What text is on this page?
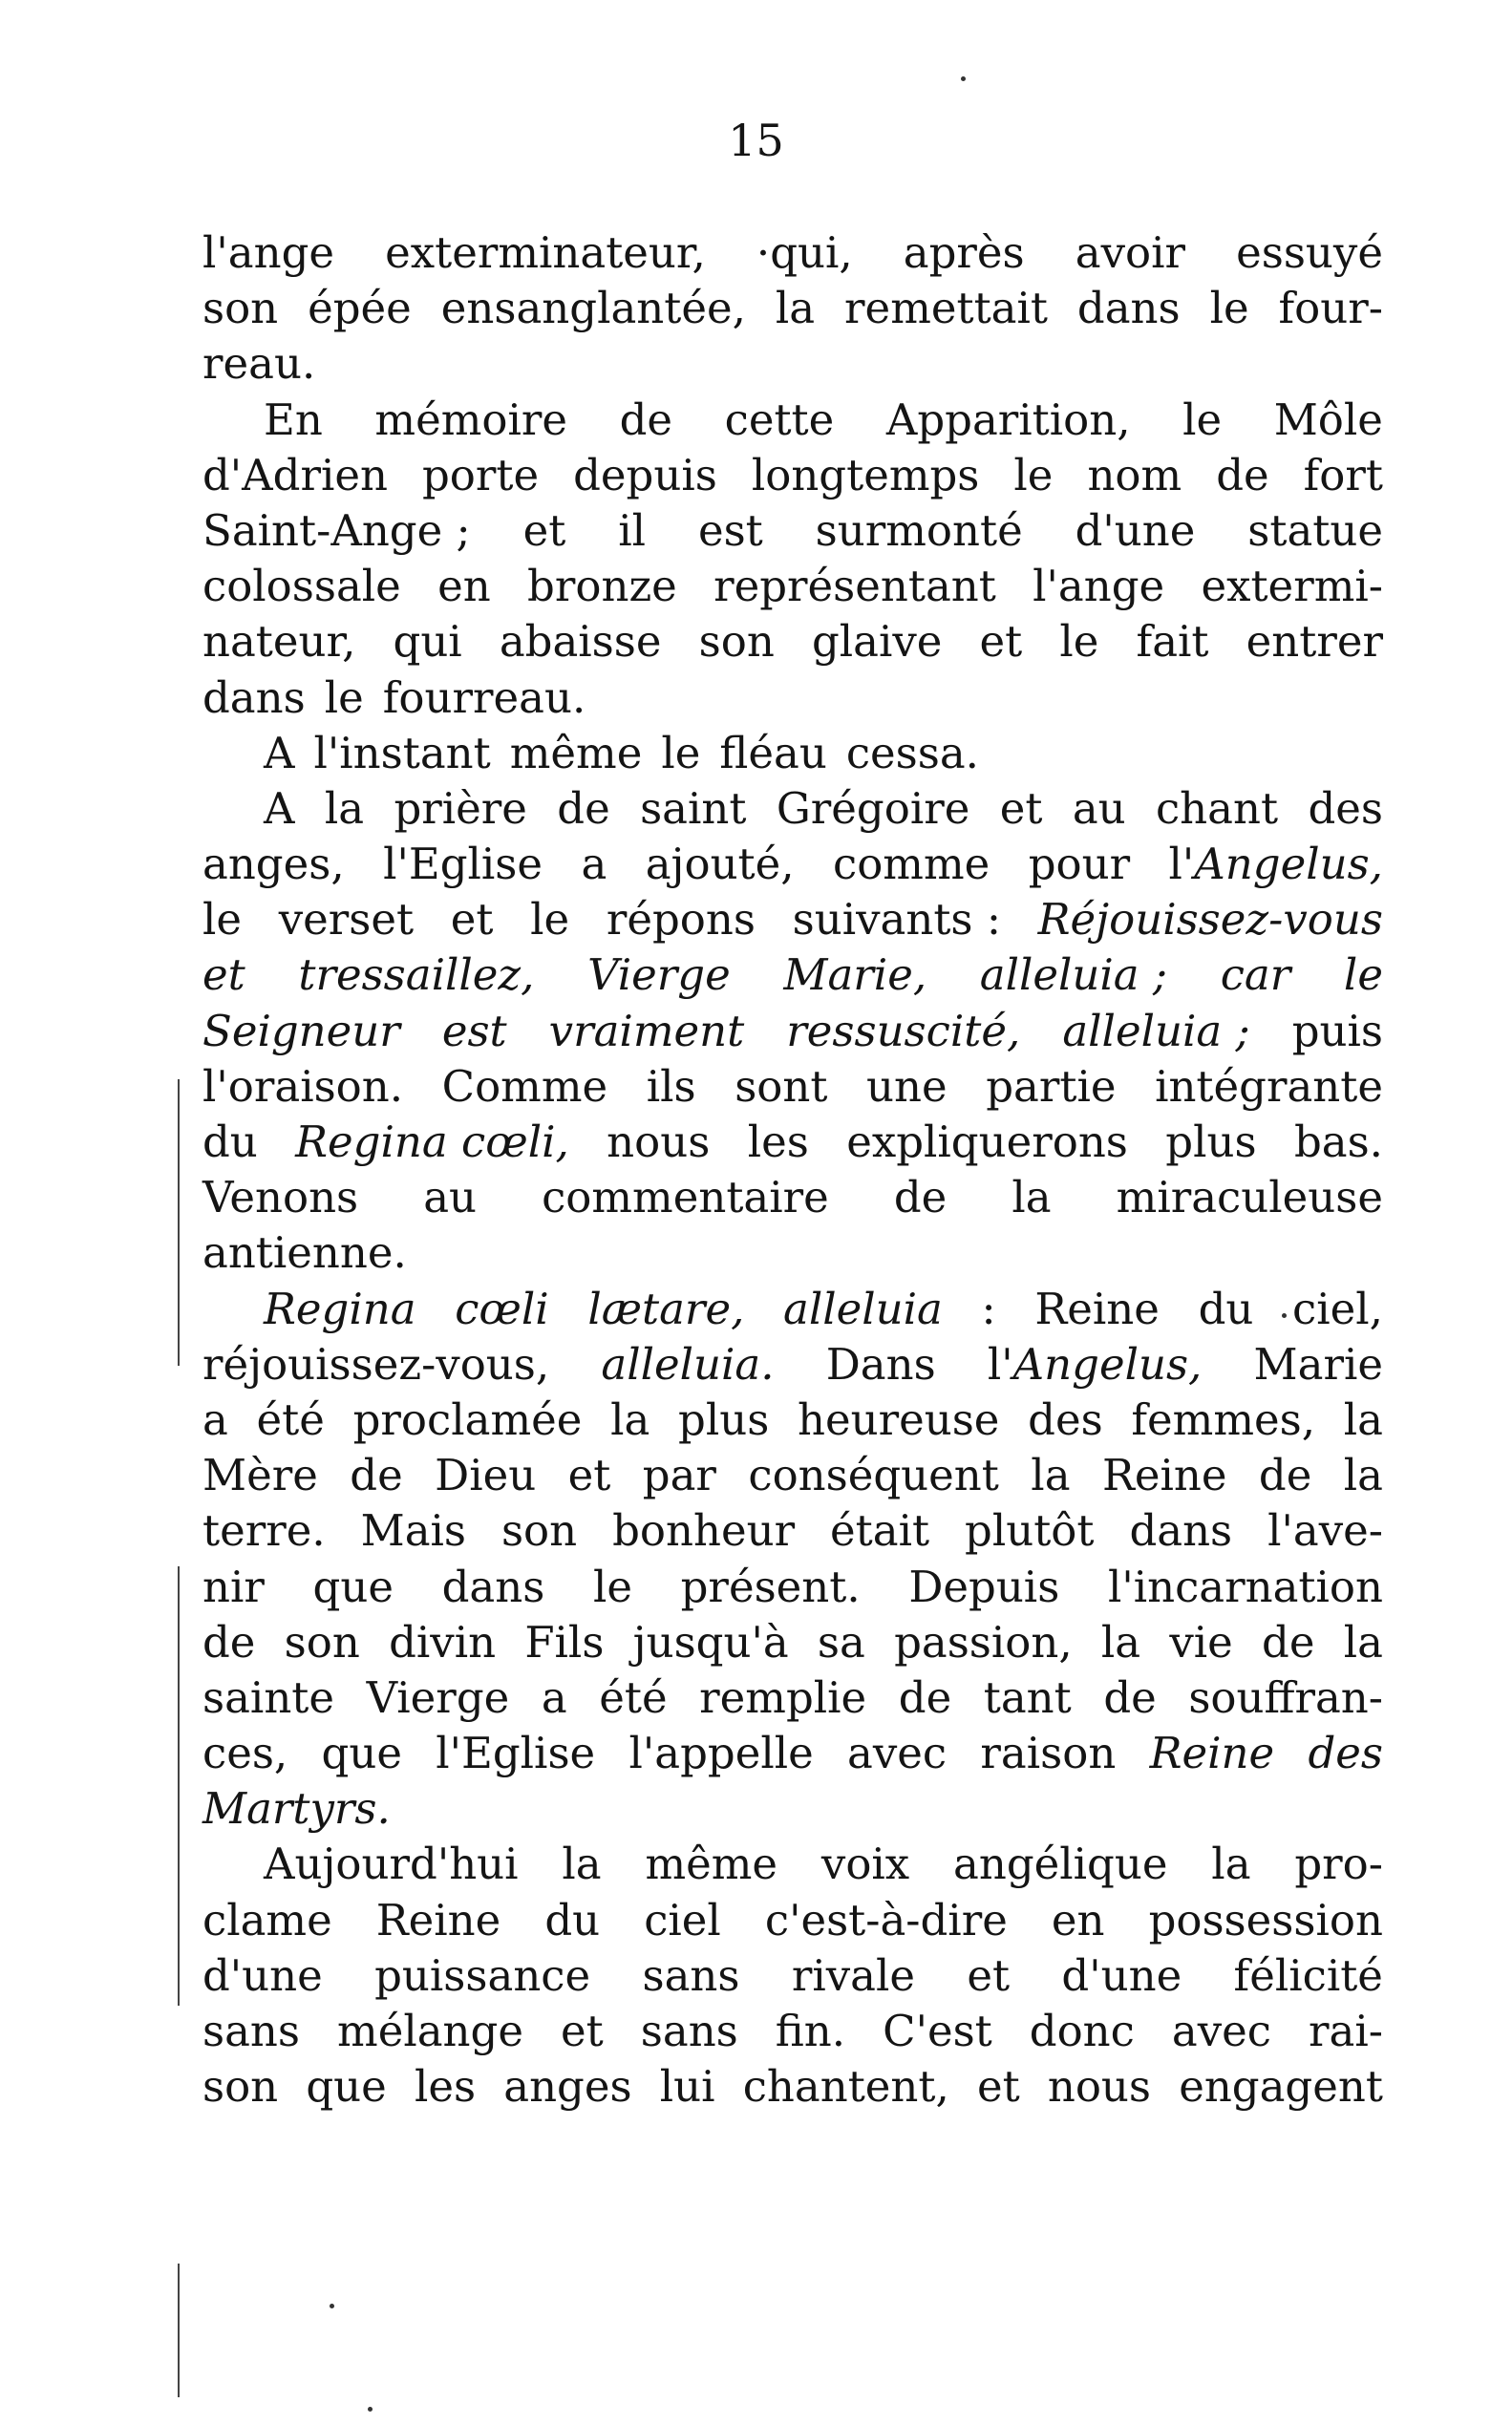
15
l'ange exterminateur, ·qui, après avoir essuyé
son épée ensanglantée, la remettait dans le four-
reau.
En mémoire de cette Apparition, le Môle
d'Adrien porte depuis longtemps le nom de fort
Saint-Ange ; et il est surmonté d'une statue
colossale en bronze représentant l'ange extermi-
nateur, qui abaisse son glaive et le fait entrer
dans le fourreau.
A l'instant même le fléau cessa.
A la prière de saint Grégoire et au chant des
anges, l'Eglise a ajouté, comme pour l'Angelus,
le verset et le répons suivants : Réjouissez-vous
et tressaillez, Vierge Marie, alleluia ; car le
Seigneur est vraiment ressuscité, alleluia ; puis
l'oraison. Comme ils sont une partie intégrante
du Regina cœli, nous les expliquerons plus bas.
Venons au commentaire de la miraculeuse
antienne.
Regina cœli lætare, alleluia : Reine du ciel,
réjouissez-vous, alleluia. Dans l'Angelus, Marie
a été proclamée la plus heureuse des femmes, la
Mère de Dieu et par conséquent la Reine de la
terre. Mais son bonheur était plutôt dans l'ave-
nir que dans le présent. Depuis l'incarnation
de son divin Fils jusqu'à sa passion, la vie de la
sainte Vierge a été remplie de tant de souffran-
ces, que l'Eglise l'appelle avec raison Reine des
Martyrs.
Aujourd'hui la même voix angélique la pro-
clame Reine du ciel c'est-à-dire en possession
d'une puissance sans rivale et d'une félicité
sans mélange et sans fin. C'est donc avec rai-
son que les anges lui chantent, et nous engagent
